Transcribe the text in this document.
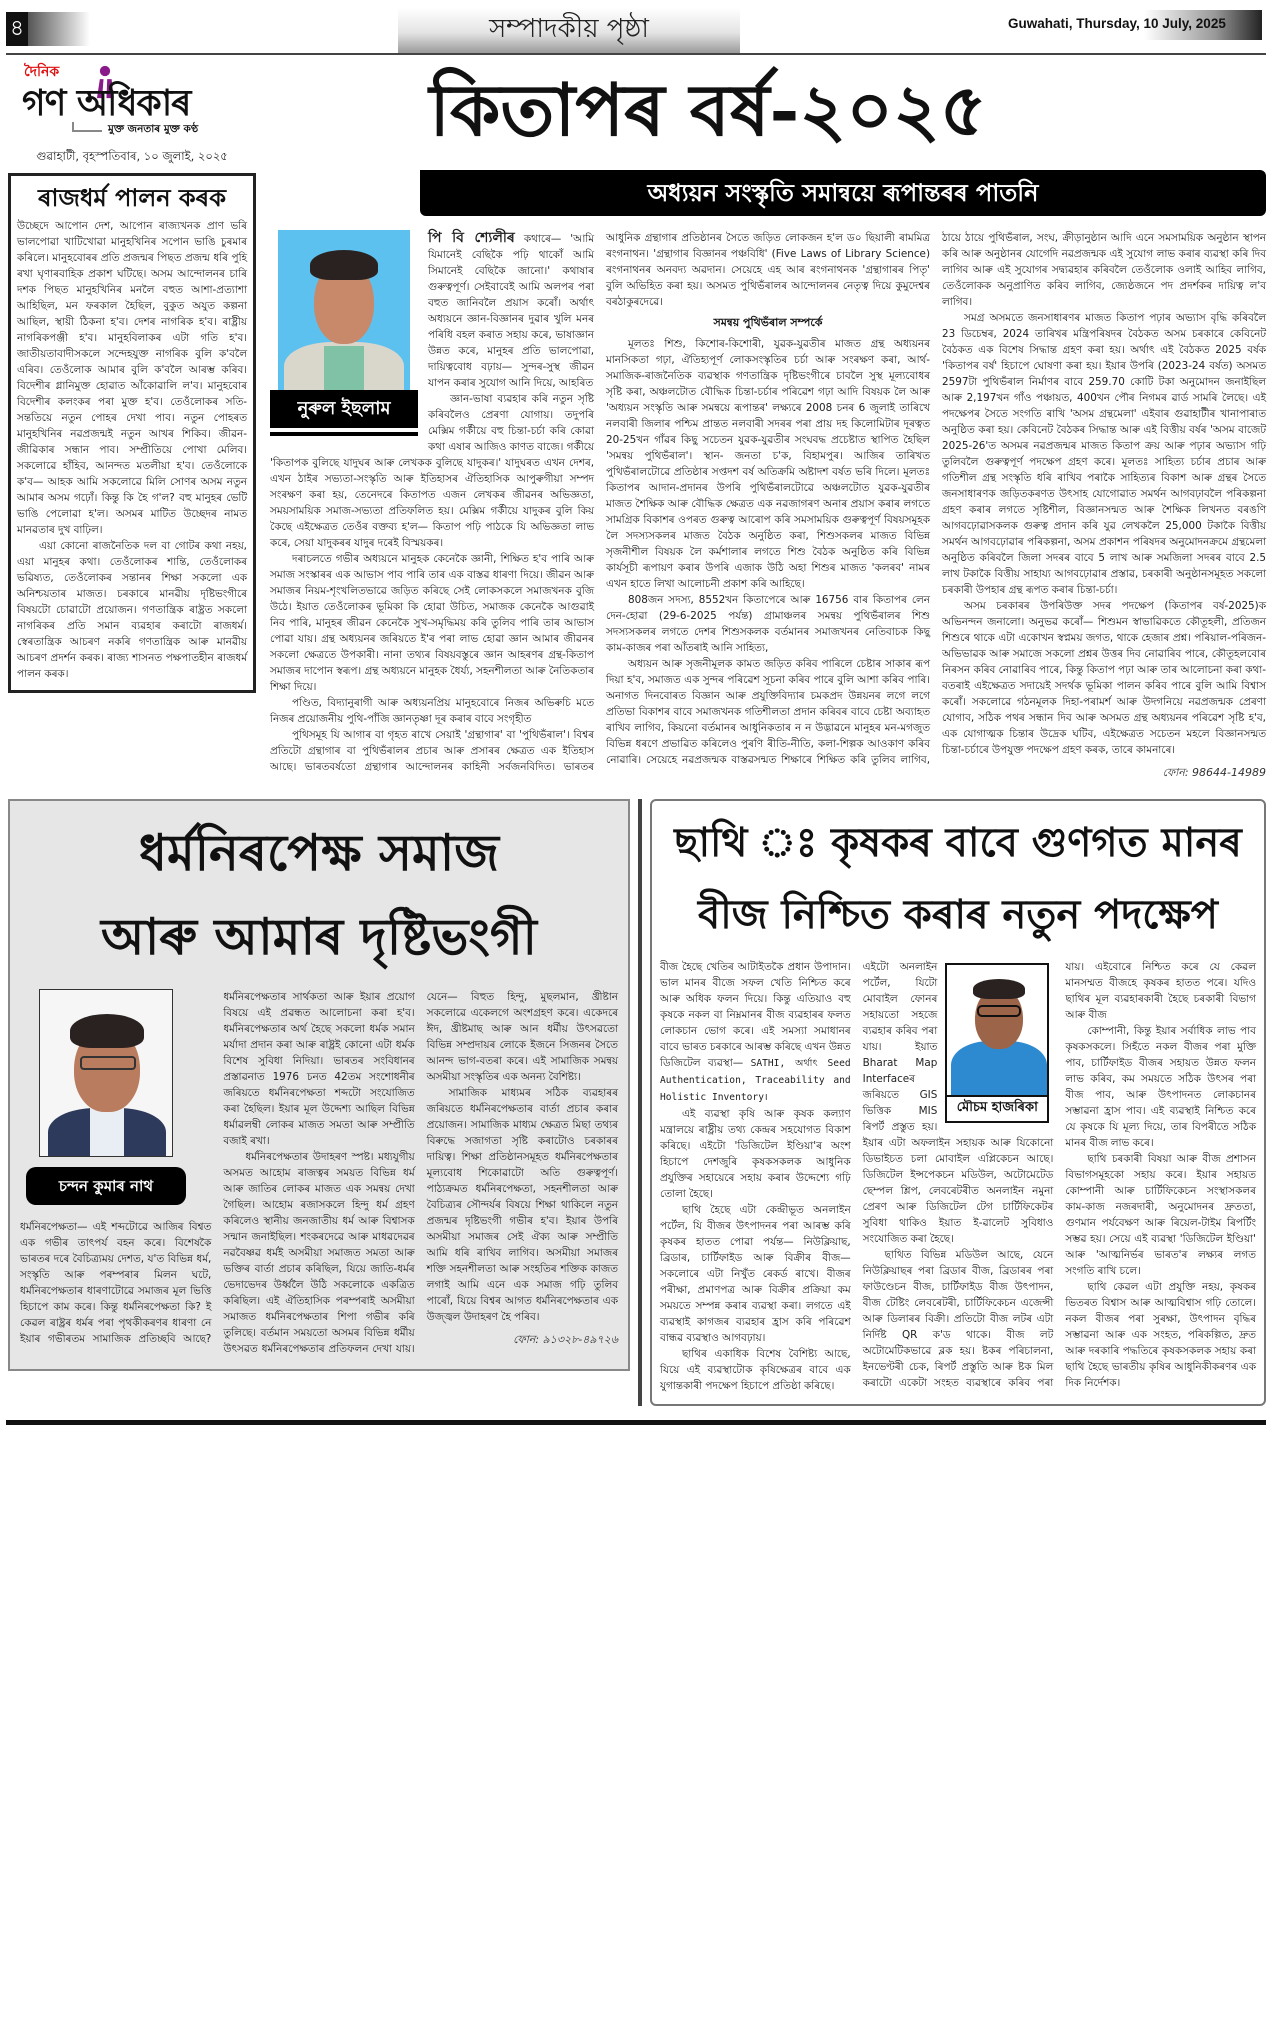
৪	সম্পাদকীয় পৃষ্ঠা	Guwahati, Thursday, 10 July, 2025
দৈনিক
গণ অধিকাৰ
মুক্ত জনতাৰ মুক্ত কণ্ঠ
গুৱাহাটী, বৃহস্পতিবাৰ, ১০ জুলাই, ২০২৫
ৰাজধৰ্ম পালন কৰক

উচ্ছেদে আপোন দেশ, আপোন ৰাজ্যখনক প্ৰাণ ভৰি ভালপোৱা খাটিখোৱা মানুহখিনিৰ সপোন ভাঙি চুৰমাৰ কৰিলে। মানুহবোৰৰ প্ৰতি প্ৰজন্মৰ পিছত প্ৰজন্ম ধৰি পুহি ৰখা ঘৃণাৰবাহিক প্ৰকাশ ঘটিছে। অসম আন্দোলনৰ চাৰি দশক পিছত মানুহখিনিৰ মনলৈ বহুত আশা-প্ৰত্যাশা আহিছিল, মন ফৰকাল হৈছিল, বুকুত অযুত কল্পনা আছিল, স্থায়ী ঠিকনা হ'ব। দেশৰ নাগৰিক হ'ব। ৰাষ্ট্ৰীয় নাগৰিকপঞ্জী হ'ব। মানুহবিলাকৰ এটা গতি হ'ব। জাতীয়তাবাদীসকলে সন্দেহযুক্ত নাগৰিক বুলি ক'বলৈ এৰিব। তেওঁলোক আমাৰ বুলি ক'বলৈ আৰম্ভ কৰিব। বিদেশীৰ গ্লানিমুক্ত হোৱাত আঁকোৱালি ল'ব। মানুহবোৰ বিদেশীৰ কলংকৰ পৰা মুক্ত হ'ব। তেওঁলোকৰ সতি-সন্ততিয়ে নতুন পোহৰ দেখা পাব। নতুন পোহৰত মানুহখিনিৰ নৱপ্ৰজন্মই নতুন আখৰ শিকিব। জীৱন-জীৱিকাৰ সন্ধান পাব। সম্প্ৰীতিয়ে পোখা মেলিব। সকলোৱে হাঁহিব, আনন্দত মতলীয়া হ'ব। তেওঁলোকে ক'ব— আহক আমি সকলোৱে মিলি সোণৰ অসম নতুন আমাৰ অসম গঢ়োঁ। কিন্তু কি হৈ গ'ল? বহু মানুহৰ ভেটি ভাঙি পেলোৱা হ'ল। অসমৰ মাটিত উচ্ছেদৰ নামত মানৱতাৰ দুখ বাঢ়িল।

এয়া কোনো ৰাজনৈতিক দল বা গোটৰ কথা নহয়, এয়া মানুহৰ কথা। তেওঁলোকৰ শান্তি, তেওঁলোকৰ ভৱিষ্যত, তেওঁলোকৰ সন্তানৰ শিক্ষা সকলো এক অনিশ্চয়তাৰ মাজত। চৰকাৰে মানৱীয় দৃষ্টিভংগীৰে বিষয়টো চোৱাটো প্ৰয়োজন। গণতান্ত্ৰিক ৰাষ্ট্ৰত সকলো নাগৰিকৰ প্ৰতি সমান ব্যৱহাৰ কৰাটো ৰাজধৰ্ম। স্বেৰতান্ত্ৰিক আচৰণ নকৰি গণতান্ত্ৰিক আৰু মানৱীয় আচৰণ প্ৰদৰ্শন কৰক। ৰাজ্য শাসনত পক্ষপাতহীন ৰাজধৰ্ম পালন কৰক।

কিতাপৰ বৰ্ষ-২০২৫
অধ্যয়ন সংস্কৃতি সমান্বয়ে ৰূপান্তৰৰ পাতনি
নুৰুল ইছলাম

পি বি শ্যেলীৰ কথাৰে— 'আমি যিমানেই বেছিকৈ পঢ়ি থাকোঁ আমি সিমানেই বেছিকৈ জানো।' কথাষাৰ গুৰুত্বপূৰ্ণ। সেইবাবেই আমি অলপৰ পৰা বহুত জানিবলৈ প্ৰয়াস কৰোঁ। অৰ্থাৎ অধ্যয়নে জ্ঞান-বিজ্ঞানৰ দুৱাৰ খুলি মনৰ পৰিধি বহল কৰাত সহায় কৰে, ভাষাজ্ঞান উন্নত কৰে, মানুহৰ প্ৰতি ভালপোৱা, দায়িত্ববোধ বঢ়ায়— সুন্দৰ-সুস্থ জীৱন যাপন কৰাৰ সুযোগ আনি দিয়ে, আহৰিত

জ্ঞান-ভাষা ব্যৱহাৰ কৰি নতুন সৃষ্টি কৰিবলৈও প্ৰেৰণা যোগায়। তদুপৰি মেক্সিম গৰ্কীয়ে বহু চিন্তা-চৰ্চা কৰি কোৱা কথা এষাৰ আজিও কাণত বাজে। গৰ্কীয়ে 'কিতাপক বুলিছে যাদুঘৰ আৰু লেখকক বুলিছে যাদুকৰ।' যাদুঘৰত এখন দেশৰ, এখন ঠাইৰ সভ্যতা-সংস্কৃতি আৰু ইতিহাসৰ ঐতিহাসিক আপুৰুগীয়া সম্পদ সংৰক্ষণ কৰা হয়, তেনেদৰে কিতাপত এজন লেখকৰ জীৱনৰ অভিজ্ঞতা, সময়সাময়িক সমাজ-সভ্যতা প্ৰতিফলিত হয়। মেক্সিম গৰ্কীয়ে যাদুকৰ বুলি কিয় কৈছে এইক্ষেত্ৰত তেওঁৰ বক্তব্য হ'ল— কিতাপ পঢ়ি পাঠকে যি অভিজ্ঞতা লাভ কৰে, সেয়া যাদুকৰৰ যাদুৰ দৰেই বিস্ময়কৰ।

দৰাচলতে গভীৰ অধ্যয়নে মানুহক কেনেকৈ জ্ঞানী, শিক্ষিত হ'ব পাৰি আৰু সমাজ সংস্কাৰৰ এক আভাস পাব পাৰি তাৰ এক বাস্তৱ ধাৰণা দিয়ে। জীৱন আৰু সমাজৰ নিয়ম-শৃংখলিতভাৱে জড়িত কৰিছে সেই লোকসকলে সমাজখনক বুজি উঠে। ইয়াত তেওঁলোকৰ ভূমিকা কি হোৱা উচিত, সমাজক কেনেকৈ আগুৱাই নিব পাৰি, মানুহৰ জীৱন কেনেকৈ সুখ-সমৃদ্ধিময় কৰি তুলিব পাৰি তাৰ আভাস পোৱা যায়। গ্ৰন্থ অধ্যয়নৰ জৰিয়তে ই'ৰ পৰা লাভ হোৱা জ্ঞান আমাৰ জীৱনৰ সকলো ক্ষেত্ৰতে উপকাৰী। নানা তথ্যৰ বিষয়বস্তুৰে জ্ঞান আহৰণৰ গ্ৰন্থ-কিতাপ সমাজৰ দাপোন স্বৰূপ। গ্ৰন্থ অধ্যয়নে মানুহক ধৈৰ্য্য, সহনশীলতা আৰু নৈতিকতাৰ শিক্ষা দিয়ে।

পণ্ডিত, বিদ্যানুৰাগী আৰু অধ্যয়নপ্ৰিয় মানুহবোৰে নিজৰ অভিৰুচি মতে নিজৰ প্ৰয়োজনীয় পুথি-পাঁজি জ্ঞানতৃষ্ণা দূৰ কৰাৰ বাবে সংগৃহীত

পুথিসমূহ যি আগাৰ বা গৃহত ৰাখে সেয়াই 'গ্ৰন্থাগাৰ' বা 'পুথিভঁৰাল'। বিশ্বৰ প্ৰতিটো গ্ৰন্থাগাৰ বা পুথিভঁৰালৰ প্ৰচাৰ আৰু প্ৰসাৰৰ ক্ষেত্ৰত এক ইতিহাস আছে। ভাৰতবৰ্ষতো গ্ৰন্থাগাৰ আন্দোলনৰ কাহিনী সৰ্বজনবিদিত। ভাৰতৰ আধুনিক গ্ৰন্থাগাৰ প্ৰতিষ্ঠানৰ সৈতে জড়িত লোকজন হ'ল ড০ ছিয়ালী ৰামমিত্ৰ ৰংগনাথন। 'গ্ৰন্থাগাৰ বিজ্ঞানৰ পঞ্চবিধি' (Five Laws of Library Science) ৰংগনাথনৰ অনবদ্য অৱদান। সেয়েহে এহ আৰ ৰংগনাথনক 'গ্ৰন্থাগাৰৰ পিতৃ' বুলি অভিহিত কৰা হয়। অসমত পুথিভঁৰালৰ আন্দোলনৰ নেতৃত্ব দিয়ে কুমুদেশ্বৰ বৰঠাকুৰদেৱে।

সমন্বয় পুথিভঁৰাল সম্পৰ্কে

মূলতঃ শিশু, কিশোৰ-কিশোৰী, যুৱক-যুৱতীৰ মাজত গ্ৰন্থ অধ্যয়নৰ মানসিকতা গঢ়া, ঐতিহ্যপূৰ্ণ লোকসংস্কৃতিৰ চৰ্চা আৰু সংৰক্ষণ কৰা, আৰ্থ-সমাজিক-ৰাজনৈতিক ব্যৱস্থাক গণতান্ত্ৰিক দৃষ্টিভংগীৰে চাবলৈ সুস্থ মূল্যবোধৰ সৃষ্টি কৰা, অঞ্চলটোত বৌদ্ধিক চিন্তা-চৰ্চাৰ পৰিৱেশ গঢ়া আদি বিষয়ক লৈ আৰু 'অধ্যয়ন সংস্কৃতি আৰু সমন্বয়ে ৰূপান্তৰ' লক্ষ্যৰে 2008 চনৰ 6 জুলাই তাৰিখে নলবাৰী জিলাৰ পশ্চিম প্ৰান্তত নলবাৰী সদৰৰ পৰা প্ৰায় দহ কিলোমিটাৰ দূৰত্বত 20-25খন গাঁৱৰ কিছু সচেতন যুৱক-যুৱতীৰ সংঘবদ্ধ প্ৰচেষ্টাত স্থাপিত হৈছিল 'সমন্বয় পুথিভঁৰাল'। স্থান- জনতা চ'ক, বিহামপুৰ। আজিৰ তাৰিখত পুথিভঁৰালটোৱে প্ৰতিষ্ঠাৰ সপ্তদশ বৰ্ষ অতিক্ৰমি অষ্টাদশ বৰ্ষত ভৰি দিলে। মূলতঃ কিতাপৰ আদান-প্ৰদানৰ উপৰি পুথিভঁৰালটোৱে অঞ্চলটোত যুৱক-যুৱতীৰ মাজত শৈক্ষিক আৰু বৌদ্ধিক ক্ষেত্ৰত এক নৱজাগৰণ অনাৰ প্ৰয়াস কৰাৰ লগতে সামগ্ৰিক বিকাশৰ ওপৰত গুৰুত্ব আৰোপ কৰি সমসাময়িক গুৰুত্বপূৰ্ণ বিষয়সমূহক লৈ সদস্যসকলৰ মাজত বৈঠক অনুষ্ঠিত কৰা, শিশুসকলৰ মাজত বিভিন্ন সৃজনীশীল বিষয়ক লৈ কৰ্মশালাৰ লগতে শিশু বৈঠক অনুষ্ঠিত কৰি বিভিন্ন কাৰ্যসূচী ৰূপায়ণ কৰাৰ উপৰি এজাক উঠি অহা শিশুৰ মাজত 'কলৰব' নামৰ এখন হাতে লিখা আলোচনী প্ৰকাশ কৰি আহিছে।

808জন সদস্য, 8552খন কিতাপেৰে আৰু 16756 বাৰ কিতাপৰ লেন দেন-হোৱা (29-6-2025 পৰ্যন্ত) গ্ৰামাঞ্চলৰ সমন্বয় পুথিভঁৰালৰ শিশু সদস্যসকলৰ লগতে দেশৰ শিশুসকলক বৰ্তমানৰ সমাজখনৰ নেতিবাচক কিছু কাম-কাজৰ পৰা আঁতৰাই আনি সাহিত্য,

অধ্যয়ন আৰু সৃজনীমূলক কামত জড়িত কৰিব পাৰিলে চেষ্টাৰ সাকাৰ ৰূপ দিয়া হ'ব, সমাজত এক সুন্দৰ পৰিৱেশ সূচনা কৰিব পাৰে বুলি আশা কৰিব পাৰি। অনাগত দিনবোৰত বিজ্ঞান আৰু প্ৰযুক্তিবিদ্যাৰ চমকপ্ৰদ উন্নয়নৰ লগে লগে প্ৰতিভা বিকাশৰ বাবে সমাজখনক গতিশীলতা প্ৰদান কৰিবৰ বাবে চেষ্টা অব্যাহত ৰাখিব লাগিব, কিয়নো বৰ্তমানৰ আধুনিকতাৰ ন ন উদ্ভাৱনে মানুহৰ মন-মগজুত বিভিন্ন ধৰণে প্ৰভাৱিত কৰিলেও পুৰণি ৰীতি-নীতি, কলা-শিল্পক আওকাণ কৰিব নোৱাৰি। সেয়েহে নৱপ্ৰজন্মক বাস্তৱসন্মত শিক্ষাৰে শিক্ষিত কৰি তুলিব লাগিব, ঠায়ে ঠায়ে পুথিভঁৰাল, সংঘ, ক্ৰীড়ানুষ্ঠান আদি এনে সমসাময়িক অনুষ্ঠান স্থাপন কৰি আৰু অনুষ্ঠানৰ যোগেদি নৱপ্ৰজন্মক এই সুযোগ লাভ কৰাৰ ব্যৱস্থা কৰি দিব লাগিব আৰু এই সুযোগৰ সদ্ব্যৱহাৰ কৰিবলৈ তেওঁলোক ওলাই আহিব লাগিব, তেওঁলোকক অনুপ্ৰাণিত কৰিব লাগিব, জ্যেষ্ঠজনে পদ প্ৰদৰ্শকৰ দায়িত্ব ল'ব লাগিব।

সমগ্ৰ অসমতে জনসাধাৰণৰ মাজত কিতাপ পঢ়াৰ অভ্যাস বৃদ্ধি কৰিবলৈ 23 ডিচেম্বৰ, 2024 তাৰিখৰ মন্ত্ৰিপৰিষদৰ বৈঠকত অসম চৰকাৰে কেবিনেট বৈঠকত এক বিশেষ সিদ্ধান্ত গ্ৰহণ কৰা হয়। অৰ্থাৎ এই বৈঠকত 2025 বৰ্ষক 'কিতাপৰ বৰ্ষ' হিচাপে ঘোষণা কৰা হয়। ইয়াৰ উপৰি (2023-24 বৰ্ষত) অসমত 2597টা পুথিভঁৰাল নিৰ্মাণৰ বাবে 259.70 কোটি টকা অনুমোদন জনাইছিল আৰু 2,197খন গাঁও পঞ্চায়ত, 400খন পৌৰ নিগমৰ ৱাৰ্ড সামৰি লৈছে। এই পদক্ষেপৰ সৈতে সংগতি ৰাখি 'অসম গ্ৰন্থমেলা' এইবাৰ গুৱাহাটীৰ খানাপাৰাত অনুষ্ঠিত কৰা হয়। কেবিনেট বৈঠকৰ সিদ্ধান্ত আৰু এই বিত্তীয় বৰ্ষৰ 'অসম বাজেট 2025-26'ত অসমৰ নৱপ্ৰজন্মৰ মাজত কিতাপ ক্ৰয় আৰু পঢ়াৰ অভ্যাস গঢ়ি তুলিবলৈ গুৰুত্বপূৰ্ণ পদক্ষেপ গ্ৰহণ কৰে। মূলতঃ সাহিত্য চৰ্চাৰ প্ৰচাৰ আৰু গতিশীল গ্ৰন্থ সংস্কৃতি ধৰি ৰাখিব পৰাকৈ সাহিত্যৰ বিকাশ আৰু গ্ৰন্থৰ সৈতে জনসাধাৰণক জড়িতকৰণত উৎসাহ যোগোৱাত সমৰ্থন আগবঢ়াবলৈ পৰিকল্পনা গ্ৰহণ কৰাৰ লগতে সৃষ্টিশীল, বিজ্ঞানসন্মত আৰু শৈক্ষিক লিখনত বৰঙণি আগবঢ়োৱাসকলক গুৰুত্ব প্ৰদান কৰি যুৱ লেখকলৈ 25,000 টকাকৈ বিত্তীয় সমৰ্থন আগবঢ়োৱাৰ পৰিকল্পনা, অসম প্ৰকাশন পৰিষদৰ অনুমোদনক্ৰমে গ্ৰন্থমেলা অনুষ্ঠিত কৰিবলৈ জিলা সদৰৰ বাবে 5 লাখ আৰু সমজিলা সদৰৰ বাবে 2.5 লাখ টকাকৈ বিত্তীয় সাহায্য আগবঢ়োৱাৰ প্ৰস্তাৱ, চৰকাৰী অনুষ্ঠানসমূহত সকলো চৰকাৰী উপহাৰ গ্ৰন্থ ৰূপত কৰাৰ চিন্তা-চৰ্চা।

অসম চৰকাৰৰ উপৰিউক্ত সদৰ পদক্ষেপ (কিতাপৰ বৰ্ষ-2025)ক অভিনন্দন জনালো। অনুভৱ কৰোঁ— শিশুমন স্বাভাৱিকতে কৌতূহলী, প্ৰতিজন শিশুৰে থাকে এটা একোখন স্বপ্নময় জগত, থাকে হেজাৰ প্ৰশ্ন। পৰিয়াল-পৰিজন-অভিভাৱক আৰু সমাজে সকলো প্ৰশ্নৰ উত্তৰ দিব নোৱাৰিব পাৰে, কৌতূহলবোৰ নিৰসন কৰিব নোৱাৰিব পাৰে, কিন্তু কিতাপ পঢ়া আৰু তাৰ আলোচনা কৰা কথা-বতৰাই এইক্ষেত্ৰত সদায়েই সদৰ্থক ভূমিকা পালন কৰিব পাৰে বুলি আমি বিশ্বাস কৰোঁ। সকলোৱে গঠনমূলক দিহা-পৰামৰ্শ আৰু উদগনিয়ে নৱপ্ৰজন্মক প্ৰেৰণা যোগাব, সঠিক পথৰ সন্ধান দিব আৰু অসমত গ্ৰন্থ অধ্যয়নৰ পৰিৱেশ সৃষ্টি হ'ব, এক যোগাত্মক চিন্তাৰ উদ্ৰেক ঘটিব, এইক্ষেত্ৰত সচেতন মহলে বিজ্ঞানসন্মত চিন্তা-চৰ্চাৰে উপযুক্ত পদক্ষেপ গ্ৰহণ কৰক, তাৰে কামনাৰে।

ফোন: 98644-14989
ধৰ্মনিৰপেক্ষ সমাজ
আৰু আমাৰ দৃষ্টিভংগী
চন্দন কুমাৰ নাথ

ধৰ্মনিৰপেক্ষতা— এই শব্দটোৱে আজিৰ বিশ্বত এক গভীৰ তাৎপৰ্য বহন কৰে। বিশেষকৈ ভাৰতৰ দৰে বৈচিত্ৰ্যময় দেশত, য'ত বিভিন্ন ধৰ্ম, সংস্কৃতি আৰু পৰম্পৰাৰ মিলন ঘটে, ধৰ্মনিৰপেক্ষতাৰ ধাৰণাটোৱে সমাজৰ মূল ভিত্তি হিচাপে কাম কৰে। কিন্তু ধৰ্মনিৰপেক্ষতা কি? ই কেৱল ৰাষ্ট্ৰৰ ধৰ্মৰ পৰা পৃথকীকৰণৰ ধাৰণা নে ইয়াৰ গভীৰতম সামাজিক প্ৰতিচ্ছবি আছে? ধৰ্মনিৰপেক্ষতাৰ সাৰ্থকতা আৰু ইয়াৰ প্ৰয়োগ বিষয়ে এই প্ৰৱন্ধত আলোচনা কৰা হ'ব। ধৰ্মনিৰপেক্ষতাৰ অৰ্থ হৈছে সকলো ধৰ্মক সমান মৰ্যাদা প্ৰদান কৰা আৰু ৰাষ্ট্ৰই কোনো এটা ধৰ্মক বিশেষ সুবিধা নিদিয়া। ভাৰতৰ সংবিধানৰ প্ৰস্তাৱনাত 1976 চনত 42তম সংশোধনীৰ জৰিয়তে ধৰ্মনিৰপেক্ষতা শব্দটো সংযোজিত কৰা হৈছিল। ইয়াৰ মূল উদ্দেশ্য আছিল বিভিন্ন ধৰ্মাৱলম্বী লোকৰ মাজত সমতা আৰু সম্প্ৰীতি বজাই ৰখা।

ধৰ্মনিৰপেক্ষতাৰ উদাহৰণ স্পষ্ট। মধ্যযুগীয় অসমত আহোম ৰাজত্বৰ সময়ত বিভিন্ন ধৰ্ম আৰু জাতিৰ লোকৰ মাজত এক সমন্বয় দেখা গৈছিল। আহোম ৰজাসকলে হিন্দু ধৰ্ম গ্ৰহণ কৰিলেও স্থানীয় জনজাতীয় ধৰ্ম আৰু বিশ্বাসক সন্মান জনাইছিল। শংকৰদেৱে আৰু মাধৱদেৱৰ নৱবৈষ্ণৱ ধৰ্মই অসমীয়া সমাজত সমতা আৰু ভক্তিৰ বাৰ্তা প্ৰচাৰ কৰিছিল, যিয়ে জাতি-ধৰ্মৰ ভেদাভেদৰ উৰ্ধ্বলৈ উঠি সকলোকে একত্ৰিত কৰিছিল। এই ঐতিহাসিক পৰম্পৰাই অসমীয়া সমাজত ধৰ্মনিৰপেক্ষতাৰ শিপা গভীৰ কৰি তুলিছে। বৰ্তমান সময়তো অসমৰ বিভিন্ন ধৰ্মীয় উৎসৱত ধৰ্মনিৰপেক্ষতাৰ প্ৰতিফলন দেখা যায়। যেনে— বিহুত হিন্দু, মুছলমান, খ্ৰীষ্টান সকলোৱে একেলগে অংশগ্ৰহণ কৰে। একেদৰে ঈদ, খ্ৰীষ্টমাছ আৰু আন ধৰ্মীয় উৎসৱতো বিভিন্ন সম্প্ৰদায়ৰ লোকে ইজনে সিজনৰ সৈতে আনন্দ ভাগ-বতৰা কৰে। এই সামাজিক সমন্বয় অসমীয়া সংস্কৃতিৰ এক অনন্য বৈশিষ্ট্য।

সামাজিক মাধ্যমৰ সঠিক ব্যৱহাৰৰ জৰিয়তে ধৰ্মনিৰপেক্ষতাৰ বাৰ্তা প্ৰচাৰ কৰাৰ প্ৰয়োজন। সামাজিক মাধ্যম ক্ষেত্ৰত মিছা তথ্যৰ বিৰুদ্ধে সজাগতা সৃষ্টি কৰাটোও চৰকাৰৰ দায়িত্ব। শিক্ষা প্ৰতিষ্ঠানসমূহত ধৰ্মনিৰপেক্ষতাৰ মূল্যবোধ শিকোৱাটো অতি গুৰুত্বপূৰ্ণ। পাঠ্যক্ৰমত ধৰ্মনিৰপেক্ষতা, সহনশীলতা আৰু বৈচিত্ৰ্যৰ সৌন্দৰ্যৰ বিষয়ে শিক্ষা থাকিলে নতুন প্ৰজন্মৰ দৃষ্টিভংগী গভীৰ হ'ব। ইয়াৰ উপৰি অসমীয়া সমাজৰ সেই ঐক্য আৰু সম্প্ৰীতি আমি ধৰি ৰাখিব লাগিব। অসমীয়া সমাজৰ শক্তি সহনশীলতা আৰু সংহতিৰ শক্তিক কাজত লগাই আমি এনে এক সমাজ গঢ়ি তুলিব পাৰোঁ, যিয়ে বিশ্বৰ আগত ধৰ্মনিৰপেক্ষতাৰ এক উজ্জ্বল উদাহৰণ হৈ পৰিব।

ফোন: ৯১৩২৮-৪৯৭২৬
ছাথি ঃ কৃষকৰ বাবে গুণগত মানৰ
বীজ নিশ্চিত কৰাৰ নতুন পদক্ষেপ

বীজ হৈছে খেতিৰ আটাইতকৈ প্ৰধান উপাদান। ভাল মানৰ বীজে সফল খেতি নিশ্চিত কৰে আৰু অধিক ফলন দিয়ে। কিন্তু এতিয়াও বহু কৃষকে নকল বা নিম্নমানৰ বীজ ব্যৱহাৰৰ ফলত লোকচান ভোগ কৰে। এই সমস্যা সমাধানৰ বাবে ভাৰত চৰকাৰে আৰম্ভ কৰিছে এখন উন্নত ডিজিটেল ব্যৱস্থা— SATHI, অৰ্থাৎ Seed Authentication, Traceability and Holistic Inventory।

এই ব্যৱস্থা কৃষি আৰু কৃষক কল্যাণ মন্ত্ৰালয়ে ৰাষ্ট্ৰীয় তথ্য কেন্দ্ৰৰ সহযোগত বিকাশ কৰিছে। এইটো 'ডিজিটেল ইণ্ডিয়া'ৰ অংশ হিচাপে দেশজুৰি কৃষকসকলক আধুনিক প্ৰযুক্তিৰ সহায়েৰে সহায় কৰাৰ উদ্দেশ্যে গঢ়ি তোলা হৈছে।

ছাথি হৈছে এটা কেন্দ্ৰীভূত অনলাইন পৰ্টেল, যি বীজৰ উৎপাদনৰ পৰা আৰম্ভ কৰি কৃষকৰ হাতত পোৱা পৰ্যন্ত— নিউক্লিয়াছ, ব্ৰিডাৰ, চাৰ্টিফাইড আৰু বিক্ৰীৰ বীজ— সকলোৰে এটা নিখুঁত ৰেকৰ্ড ৰাখে। বীজৰ পৰীক্ষা, প্ৰমাণপত্ৰ আৰু বিক্ৰীৰ প্ৰক্ৰিয়া কম সময়তে সম্পন্ন কৰাৰ ব্যৱস্থা কৰা। লগতে এই ব্যৱস্থাই কাগজৰ ব্যৱহাৰ হ্ৰাস কৰি পৰিৱেশ বান্ধৱ ব্যৱস্থাও আগবঢ়ায়।

ছাথিৰ একাধিক বিশেষ বৈশিষ্ট্য আছে, যিয়ে এই ব্যৱস্থাটোক কৃষিক্ষেত্ৰৰ বাবে এক যুগান্তকাৰী পদক্ষেপ হিচাপে প্ৰতিষ্ঠা কৰিছে।

মৌচম হাজৰিকা

এইটো অনলাইন পৰ্টেল, যিটো মোবাইল ফোনৰ সহায়তো সহজে ব্যৱহাৰ কৰিব পৰা যায়। ইয়াত Bharat Map Interfaceৰ জৰিয়তে GIS ভিত্তিক MIS ৰিপৰ্ট প্ৰস্তুত হয়। ইয়াৰ এটা অফলাইন সহায়ক আৰু যিকোনো ডিভাইচত চলা মোবাইল এপ্লিকেচন আছে। ডিজিটেল ইন্সপেকচন মডিউল, অটোমেটেড ছেম্পল শ্লিপ, লেবৰেটৰীত অনলাইন নমুনা প্ৰেৰণ আৰু ডিজিটেল টেগ চাৰ্টিফিকেটৰ সুবিধা থাকিও ইয়াত ই-ৱালেট সুবিধাও সংযোজিত কৰা হৈছে।

ছাথিত বিভিন্ন মডিউল আছে, যেনে নিউক্লিয়াছৰ পৰা ব্ৰিডাৰ বীজ, ব্ৰিডাৰৰ পৰা ফাউণ্ডেচন বীজ, চাৰ্টিফাইড বীজ উৎপাদন, বীজ টেষ্টিং লেবৰেটৰী, চাৰ্টিফিকেচন এজেন্সী আৰু ডিলাৰৰ বিক্ৰী। প্ৰতিটো বীজ লটৰ এটা নিৰ্দিষ্ট QR ক'ড থাকে। বীজ লট অটোমেটিকভাৱে ব্লক হয়। ষ্টকৰ পৰিচালনা, ইনভেণ্টৰী চেক, ৰিপৰ্ট প্ৰস্তুতি আৰু ষ্টক মিল কৰাটো একেটা সংহত ব্যৱস্থাৰে কৰিব পৰা যায়। এইবোৰে নিশ্চিত কৰে যে কেৱল মানসম্মত বীজহে কৃষকৰ হাতত পৰে। যদিও ছাথিৰ মূল ব্যৱহাৰকাৰী হৈছে চৰকাৰী বিভাগ আৰু বীজ

কোম্পানী, কিন্তু ইয়াৰ সৰ্বাধিক লাভ পাব কৃষকসকলে। সিহঁতে নকল বীজৰ পৰা মুক্তি পাব, চাৰ্টিফাইড বীজৰ সহায়ত উন্নত ফলন লাভ কৰিব, কম সময়তে সঠিক উৎসৰ পৰা বীজ পাব, আৰু উৎপাদনত লোকচানৰ সম্ভাৱনা হ্ৰাস পাব। এই ব্যৱস্থাই নিশ্চিত কৰে যে কৃষকে যি মূল্য দিয়ে, তাৰ বিপৰীতে সঠিক মানৰ বীজ লাভ কৰে।

ছাথি চৰকাৰী বিষয়া আৰু বীজ প্ৰশাসন বিভাগসমূহকো সহায় কৰে। ইয়াৰ সহায়ত কোম্পানী আৰু চাৰ্টিফিকেচন সংস্থাসকলৰ কাম-কাজ নজৰদাৰী, অনুমোদনৰ দ্ৰুততা, গুণমান পৰ্যবেক্ষণ আৰু ৰিয়েল-টাইম ৰিপৰ্টিং সম্ভৱ হয়। সেয়ে এই ব্যৱস্থা 'ডিজিটেল ইণ্ডিয়া' আৰু 'আত্মনিৰ্ভৰ ভাৰত'ৰ লক্ষ্যৰ লগত সংগতি ৰাখি চলে।

ছাথি কেৱল এটা প্ৰযুক্তি নহয়, কৃষকৰ ভিতৰত বিশ্বাস আৰু আত্মবিশ্বাস গঢ়ি তোলে। নকল বীজৰ পৰা সুৰক্ষা, উৎপাদন বৃদ্ধিৰ সম্ভাৱনা আৰু এক সংহত, পৰিকল্পিত, দ্ৰুত আৰু দৰকাৰি পদ্ধতিৰে কৃষকসকলক সহায় কৰা ছাথি হৈছে ভাৰতীয় কৃষিৰ আধুনিকীকৰণৰ এক দিক নিৰ্দেশক।
